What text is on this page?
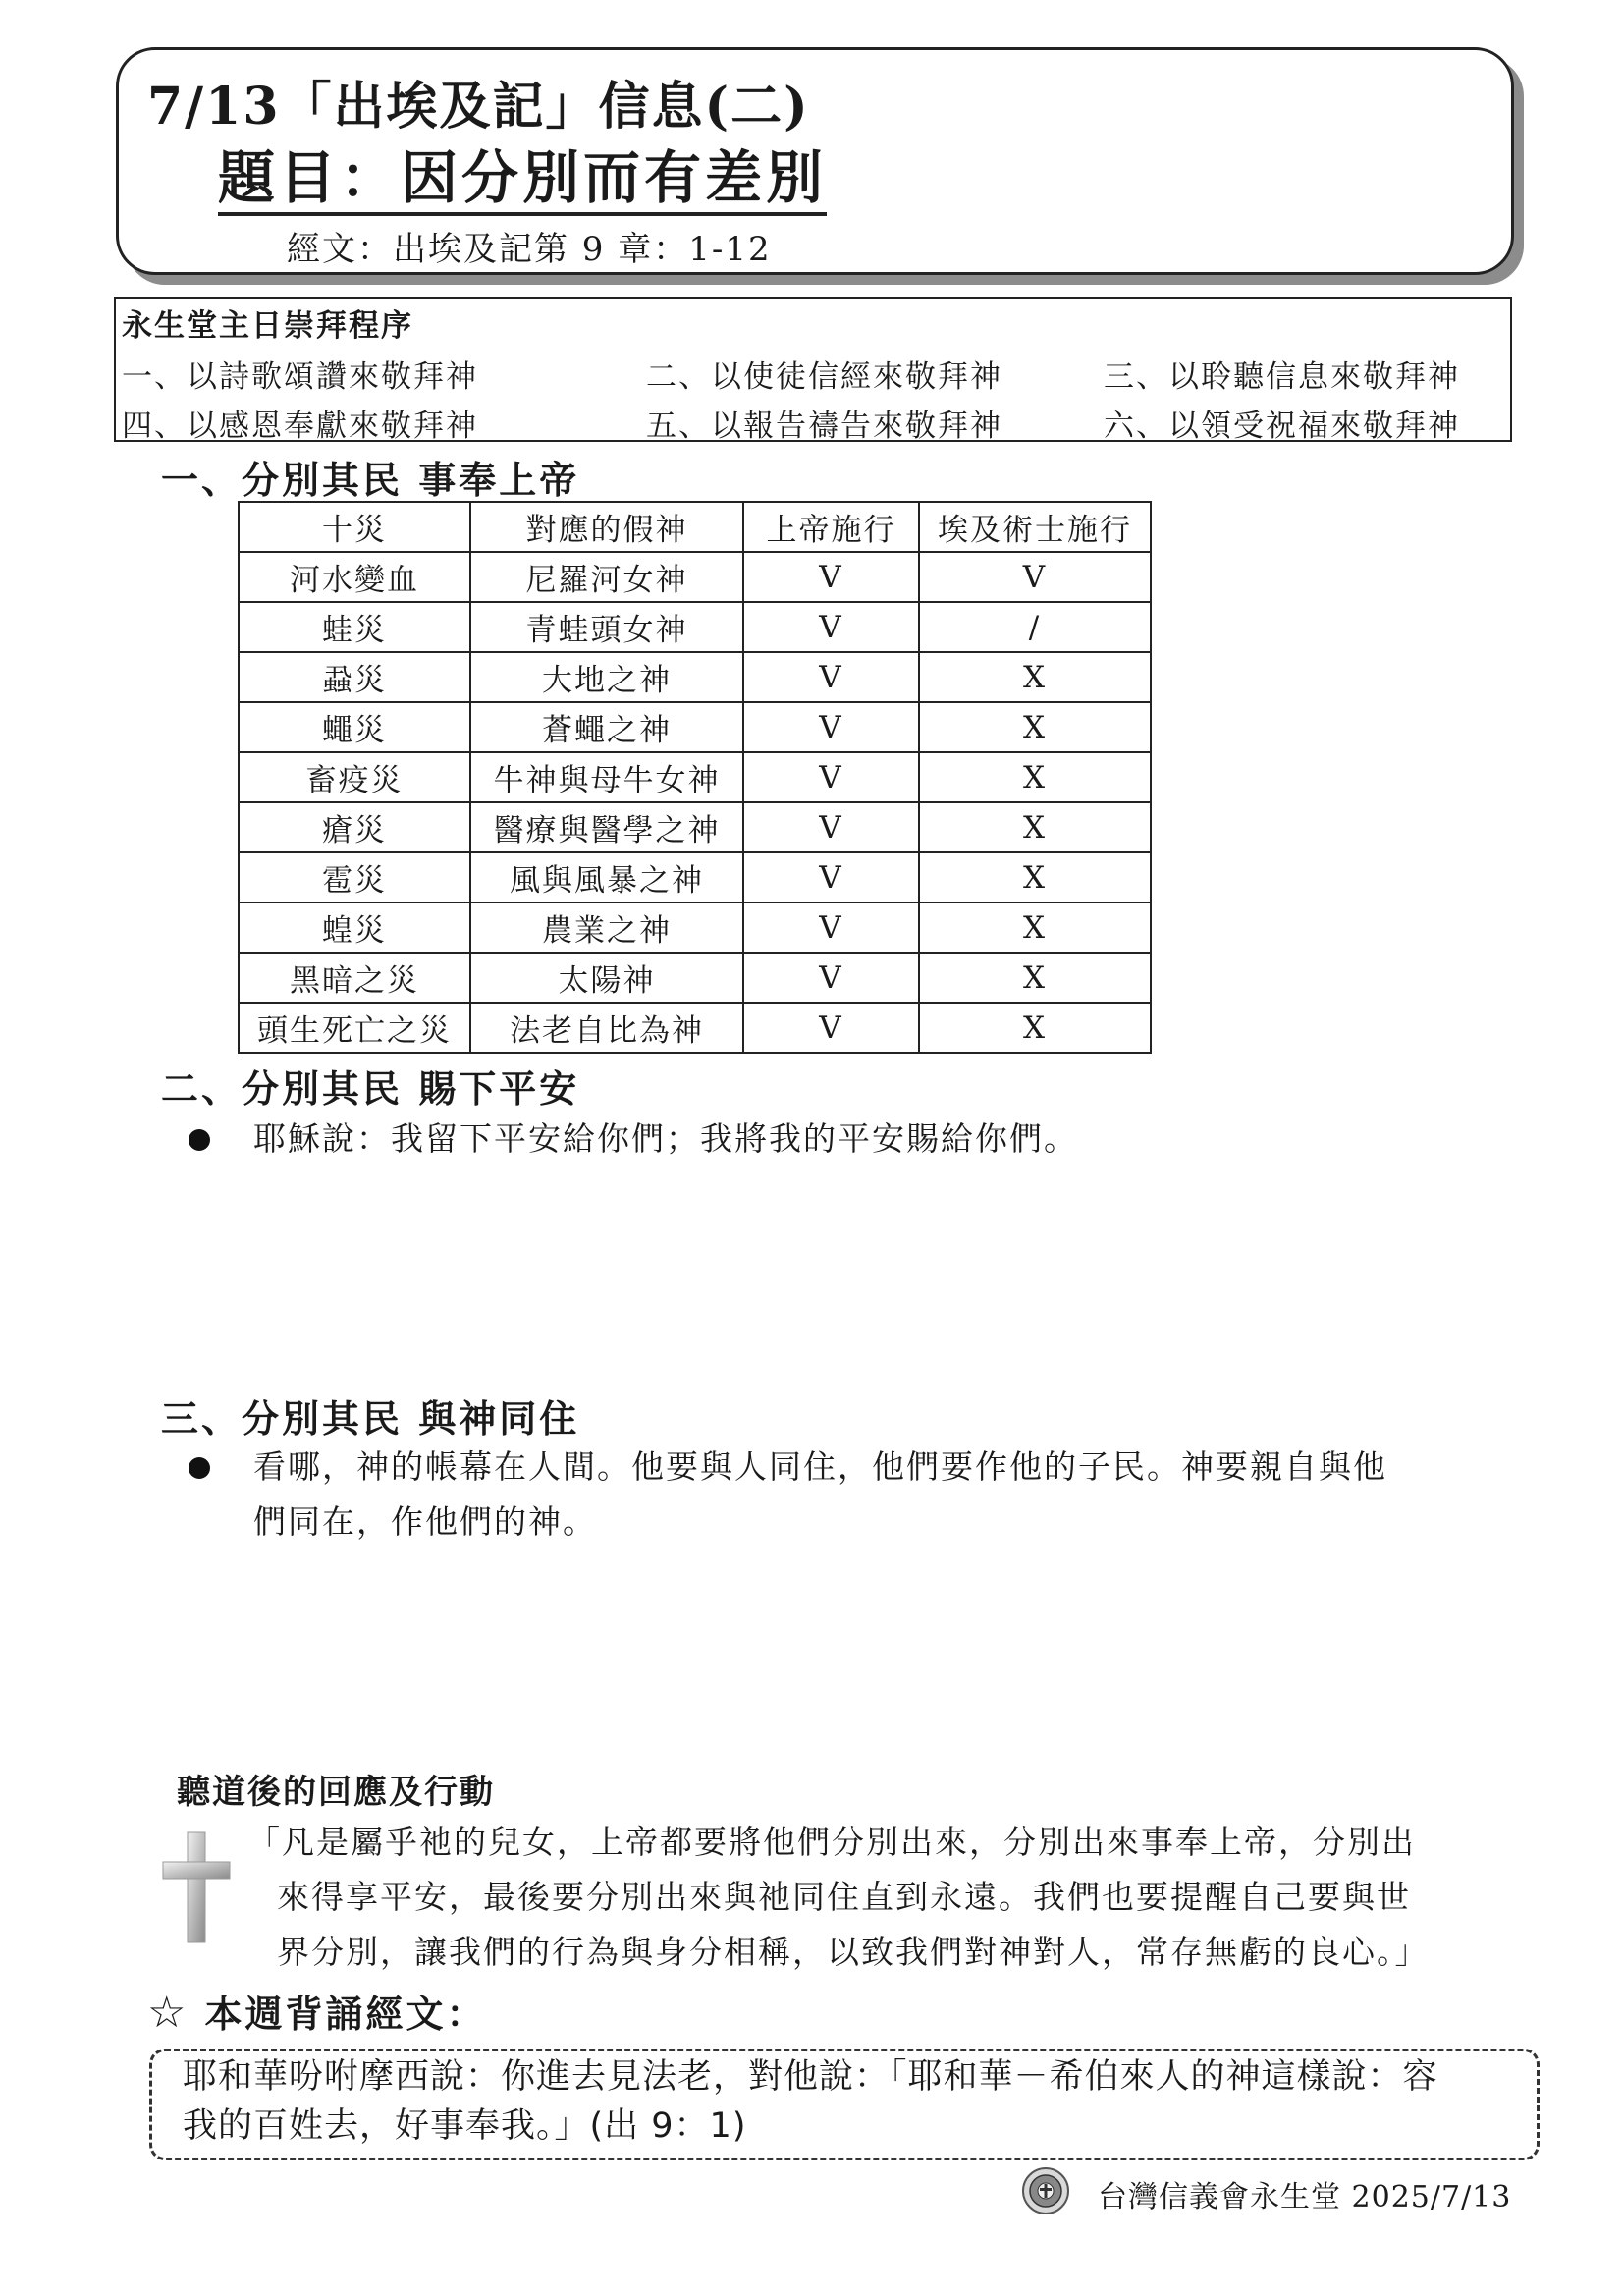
7/13「出埃及記」信息(二)
題目：因分別而有差別
經文：出埃及記第 9 章：1-12
永生堂主日崇拜程序
一、以詩歌頌讚來敬拜神	二、以使徒信經來敬拜神	三、以聆聽信息來敬拜神
四、以感恩奉獻來敬拜神	五、以報告禱告來敬拜神	六、以領受祝福來敬拜神
一、分別其民 事奉上帝
十災	對應的假神	上帝施行	埃及術士施行
河水變血	尼羅河女神	V	V
蛙災	青蛙頭女神	V	/
蝨災	大地之神	V	X
蠅災	蒼蠅之神	V	X
畜疫災	牛神與母牛女神	V	X
瘡災	醫療與醫學之神	V	X
雹災	風與風暴之神	V	X
蝗災	農業之神	V	X
黑暗之災	太陽神	V	X
頭生死亡之災	法老自比為神	V	X
二、分別其民 賜下平安
耶穌說：我留下平安給你們；我將我的平安賜給你們。
三、分別其民 與神同住
看哪，神的帳幕在人間。他要與人同住，他們要作他的子民。神要親自與他
們同在，作他們的神。
聽道後的回應及行動
「凡是屬乎祂的兒女，上帝都要將他們分別出來，分別出來事奉上帝，分別出
來得享平安，最後要分別出來與祂同住直到永遠。我們也要提醒自己要與世
界分別，讓我們的行為與身分相稱，以致我們對神對人，常存無虧的良心。」
☆ 本週背誦經文：
耶和華吩咐摩西說：你進去見法老，對他說：「耶和華－希伯來人的神這樣說：容
我的百姓去，好事奉我。」(出 9：1)
台灣信義會永生堂 2025/7/13
